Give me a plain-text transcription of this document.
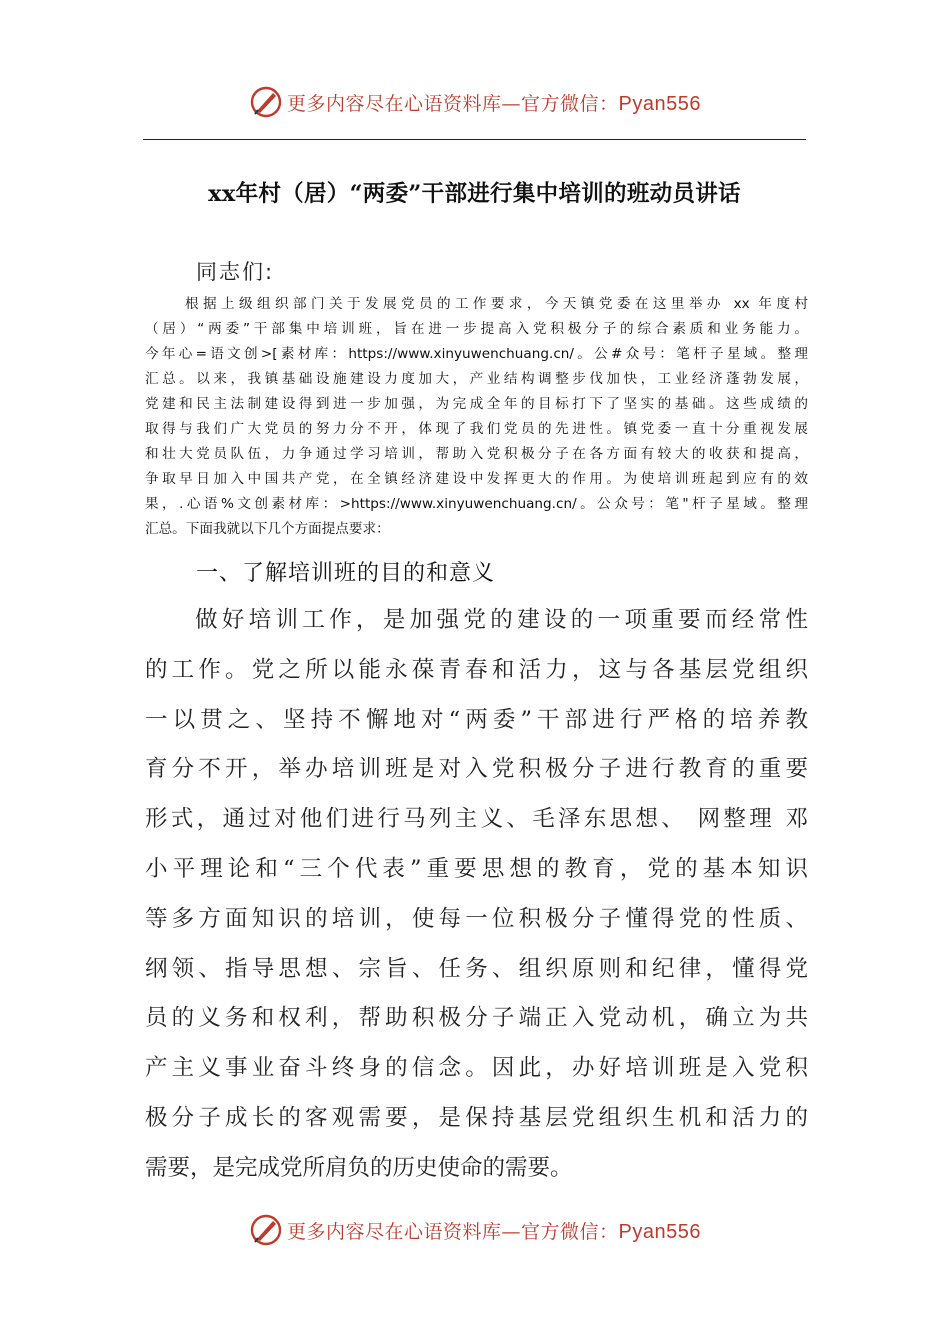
更多内容尽在心语资料库—官方微信：Pyan556
xx年村（居）“两委”干部进行集中培训的班动员讲话
同志们:
根据上级组织部门关于发展党员的工作要求，今天镇党委在这里举办 xx 年度村
（居）“两委”干部集中培训班，旨在进一步提高入党积极分子的综合素质和业务能力。
今年心=语文创>[素材库：https://www.xinyuwenchuang.cn/。公#众号：笔杆子星域。整理
汇总。以来，我镇基础设施建设力度加大，产业结构调整步伐加快，工业经济蓬勃发展，
党建和民主法制建设得到进一步加强，为完成全年的目标打下了坚实的基础。这些成绩的
取得与我们广大党员的努力分不开，体现了我们党员的先进性。镇党委一直十分重视发展
和壮大党员队伍，力争通过学习培训，帮助入党积极分子在各方面有较大的收获和提高，
争取早日加入中国共产党，在全镇经济建设中发挥更大的作用。为使培训班起到应有的效
果，.心语%文创素材库：>https://www.xinyuwenchuang.cn/。公众号：笔"杆子星域。整理
汇总。下面我就以下几个方面提点要求：
一、了解培训班的目的和意义
做好培训工作，是加强党的建设的一项重要而经常性
的工作。党之所以能永葆青春和活力，这与各基层党组织
一以贯之、坚持不懈地对“两委”干部进行严格的培养教
育分不开，举办培训班是对入党积极分子进行教育的重要
形式，通过对他们进行马列主义、毛泽东思想、 网整理 邓
小平理论和“三个代表”重要思想的教育，党的基本知识
等多方面知识的培训，使每一位积极分子懂得党的性质、
纲领、指导思想、宗旨、任务、组织原则和纪律，懂得党
员的义务和权利，帮助积极分子端正入党动机，确立为共
产主义事业奋斗终身的信念。因此，办好培训班是入党积
极分子成长的客观需要，是保持基层党组织生机和活力的
需要，是完成党所肩负的历史使命的需要。
更多内容尽在心语资料库—官方微信：Pyan556
